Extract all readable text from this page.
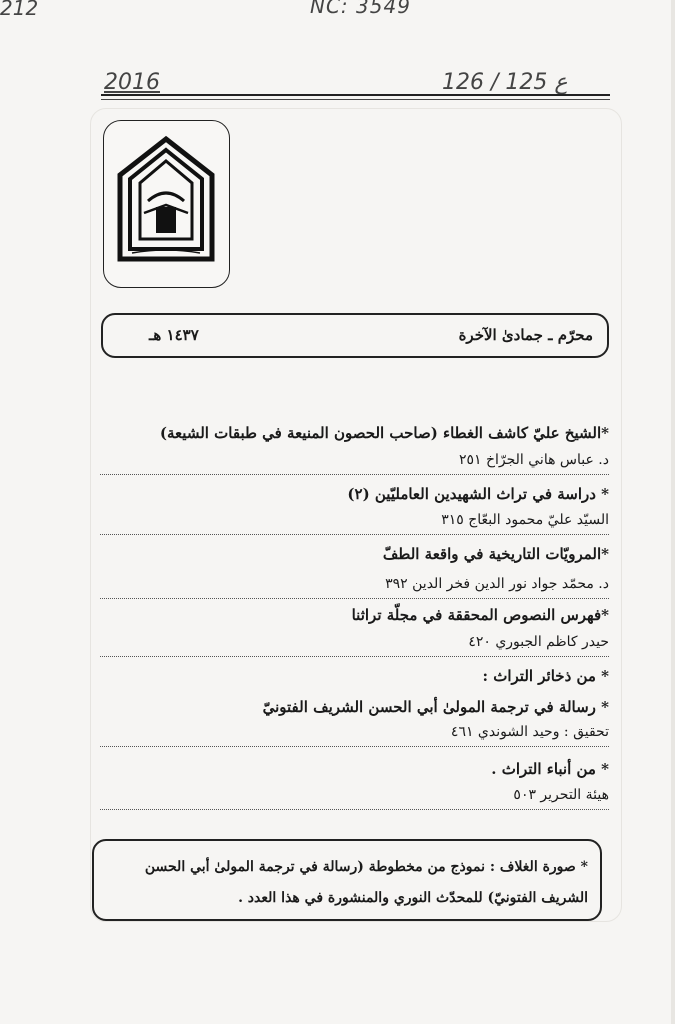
212	NC: 3549
2016	126 / 125 ع
محرّم ـ جمادىٰ الآخرة
١٤٣٧ هـ
*الشيخ عليّ كاشف الغطاء (صاحب الحصون المنيعة في طبقات الشيعة)
د. عباس هاني الجرّاخ ٢٥١
* دراسة في تراث الشهيدين العامليّين (٢)
السيّد عليّ محمود البعّاج ٣١٥
*المرويّات التاريخية في واقعة الطفّ
د. محمّد جواد نور الدين فخر الدين ٣٩٢
*فهرس النصوص المحققة في مجلّة تراثنا
حيدر كاظم الجبوري ٤٢٠
* من ذخائر التراث :
* رسالة في ترجمة المولىٰ أبي الحسن الشريف الفتونيّ
تحقيق : وحيد الشوندي ٤٦١
* من أنباء التراث .
هيئة التحرير ٥٠٣
* صورة الغلاف : نموذج من مخطوطة (رسالة في ترجمة المولىٰ أبي الحسن
الشريف الفتونيّ) للمحدّث النوري والمنشورة في هذا العدد .
